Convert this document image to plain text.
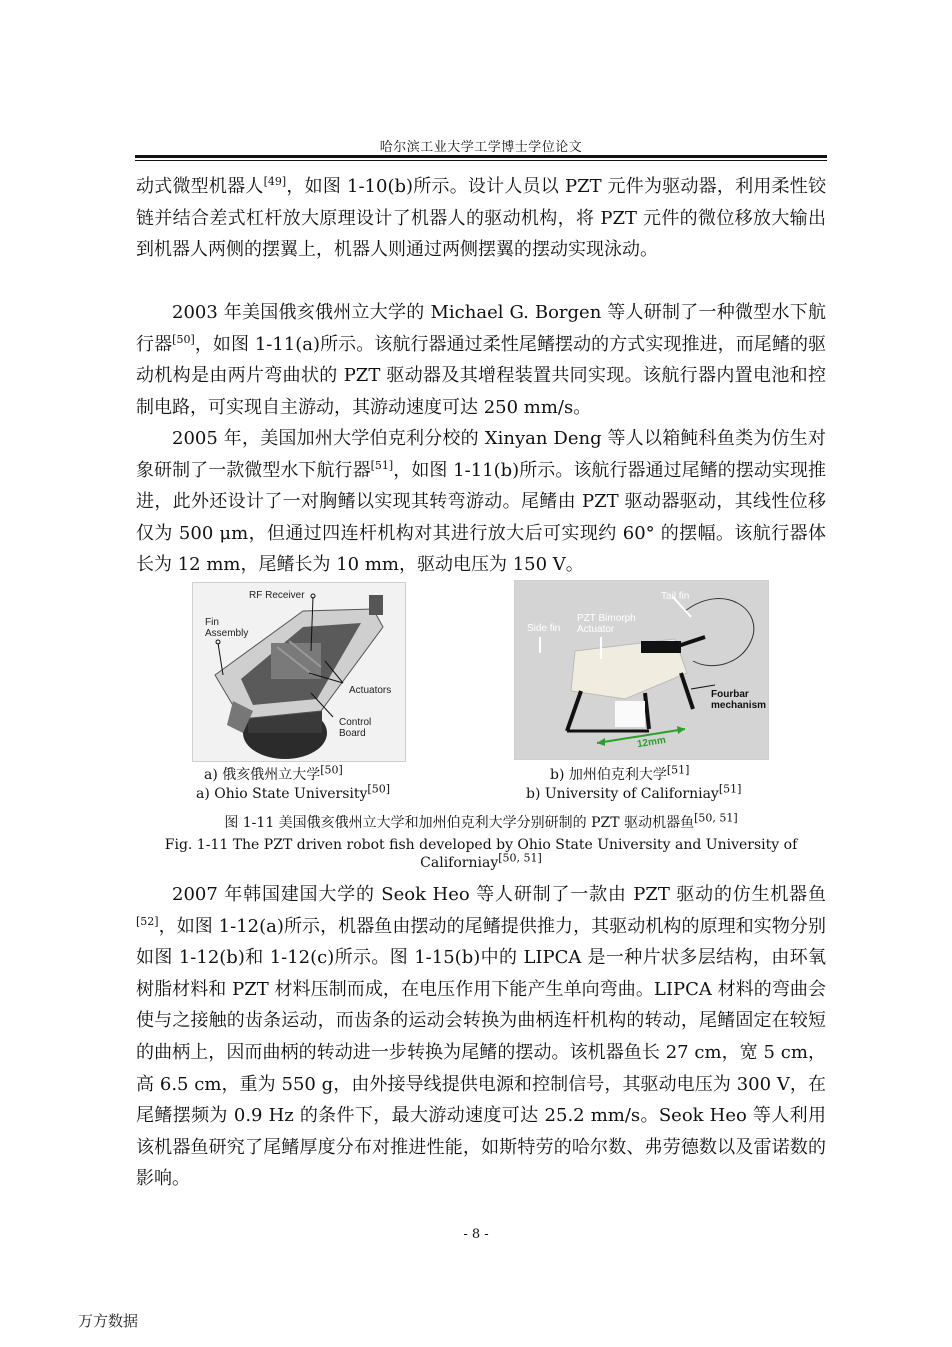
哈尔滨工业大学工学博士学位论文

动式微型机器人[49]，如图 1-10(b)所示。设计人员以 PZT 元件为驱动器，利用柔性铰链并结合差式杠杆放大原理设计了机器人的驱动机构，将 PZT 元件的微位移放大输出到机器人两侧的摆翼上，机器人则通过两侧摆翼的摆动实现泳动。

2003 年美国俄亥俄州立大学的 Michael G. Borgen 等人研制了一种微型水下航行器[50]，如图 1-11(a)所示。该航行器通过柔性尾鳍摆动的方式实现推进，而尾鳍的驱动机构是由两片弯曲状的 PZT 驱动器及其增程装置共同实现。该航行器内置电池和控制电路，可实现自主游动，其游动速度可达 250 mm/s。

2005 年，美国加州大学伯克利分校的 Xinyan Deng 等人以箱鲀科鱼类为仿生对象研制了一款微型水下航行器[51]，如图 1-11(b)所示。该航行器通过尾鳍的摆动实现推进，此外还设计了一对胸鳍以实现其转弯游动。尾鳍由 PZT 驱动器驱动，其线性位移仅为 500 μm，但通过四连杆机构对其进行放大后可实现约 60° 的摆幅。该航行器体长为 12 mm，尾鳍长为 10 mm，驱动电压为 150 V。

RF Receiver
Fin
Assembly
Actuators
Control
Board
Tail fin
Side fin
PZT Bimorph
Actuator
Fourbar
mechanism
12mm
a) 俄亥俄州立大学[50]
a) Ohio State University[50]
b) 加州伯克利大学[51]
b) University of Californiay[51]
图 1-11 美国俄亥俄州立大学和加州伯克利大学分别研制的 PZT 驱动机器鱼[50, 51]
Fig. 1-11 The PZT driven robot fish developed by Ohio State University and University of
Californiay[50, 51]

2007 年韩国建国大学的 Seok Heo 等人研制了一款由 PZT 驱动的仿生机器鱼[52]，如图 1-12(a)所示，机器鱼由摆动的尾鳍提供推力，其驱动机构的原理和实物分别如图 1-12(b)和 1-12(c)所示。图 1-15(b)中的 LIPCA 是一种片状多层结构，由环氧树脂材料和 PZT 材料压制而成，在电压作用下能产生单向弯曲。LIPCA 材料的弯曲会使与之接触的齿条运动，而齿条的运动会转换为曲柄连杆机构的转动，尾鳍固定在较短的曲柄上，因而曲柄的转动进一步转换为尾鳍的摆动。该机器鱼长 27 cm，宽 5 cm，高 6.5 cm，重为 550 g，由外接导线提供电源和控制信号，其驱动电压为 300 V，在尾鳍摆频为 0.9 Hz 的条件下，最大游动速度可达 25.2 mm/s。Seok Heo 等人利用该机器鱼研究了尾鳍厚度分布对推进性能，如斯特劳的哈尔数、弗劳德数以及雷诺数的影响。

- 8 -
万方数据
